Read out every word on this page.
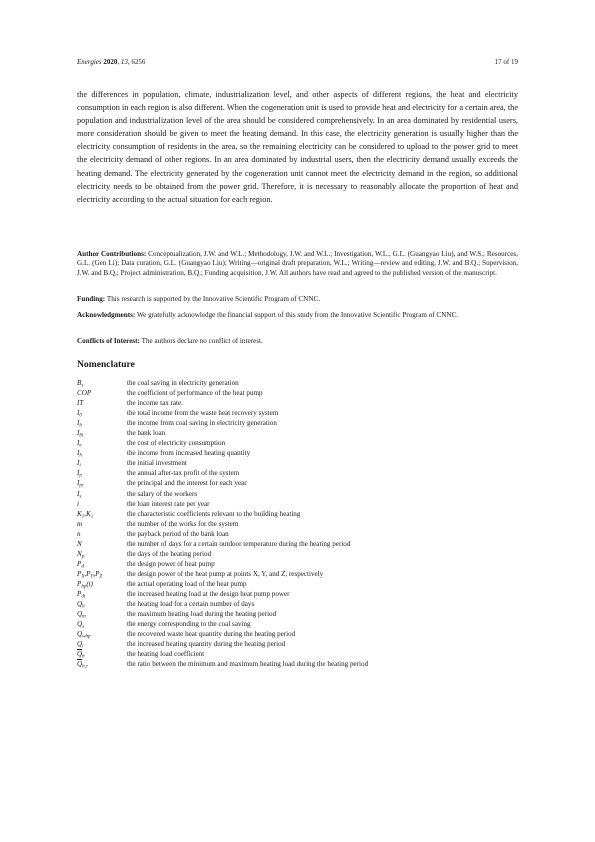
Energies 2020, 13, 6256	17 of 19

the differences in population, climate, industrialization level, and other aspects of different regions, the heat and electricity consumption in each region is also different. When the cogeneration unit is used to provide heat and electricity for a certain area, the population and industrialization level of the area should be considered comprehensively. In an area dominated by residential users, more consideration should be given to meet the heating demand. In this case, the electricity generation is usually higher than the electricity consumption of residents in the area, so the remaining electricity can be considered to upload to the power grid to meet the electricity demand of other regions. In an area dominated by industrial users, then the electricity demand usually exceeds the heating demand. The electricity generated by the cogeneration unit cannot meet the electricity demand in the region, so additional electricity needs to be obtained from the power grid. Therefore, it is necessary to reasonably allocate the proportion of heat and electricity according to the actual situation for each region.

Author Contributions: Conceptualization, J.W. and W.L.; Methodology, J.W. and W.L.; Investigation, W.L., G.L. (Guangyao Liu), and W.S.; Resources, G.L. (Gen Li); Data curation, G.L. (Guangyao Liu); Writing—original draft preparation, W.L.; Writing—review and editing, J.W. and B.Q.; Supervision, J.W. and B.Q.; Project administration, B.Q.; Funding acquisition, J.W. All authors have read and agreed to the published version of the manuscript.

Funding: This research is supported by the Innovative Scientific Program of CNNC.

Acknowledgments: We gratefully acknowledge the financial support of this study from the Innovative Scientific Program of CNNC.

Conflicts of Interest: The authors declare no conflict of interest.

Nomenclature
$B_s$	the coal saving in electricity generation
COP	the coefficient of performance of the heat pump
IT	the income tax rate.
$I_0$	the total income from the waste heat recovery system
$I_b$	the income from coal saving in electricity generation
$I_{bl}$	the bank loan
$I_e$	the cost of electricity consumption
$I_h$	the income from increased heating quantity
$I_i$	the initial investment
$I_p$	the annual after-tax profit of the system
$I_{pi}$	the principal and the interest for each year
$I_s$	the salary of the workers
i	the loan interest rate per year
$K_1,K_2$	the characteristic coefficients relevant to the building heating
m	the number of the works for the system
n	the payback period of the bank loan
N	the number of days for a certain outdoor temperature during the heating period
$N_p$	the days of the heating period
$P_d$	the design power of heat pump
$P_X,P_Y,P_Z$	the design power of the heat pump at points X, Y, and Z, respectively
$P_{hp}(t)$	the actual operating load of the heat pump
$P_{di}$	the increased heating load at the design heat pump power
$Q_h$	the heating load for a certain number of days
$Q_m$	the maximum heating load during the heating period
$Q_s$	the energy corresponding to the coal saving
$Q_{whp}$	the recovered waste heat quantity during the heating period
$Q_i$	the increased heating quantity during the heating period
$\overline{Q}_h$	the heating load coefficient
$\overline{Q}_{h,r}$	the ratio between the minimum and maximum heating load during the heating period
